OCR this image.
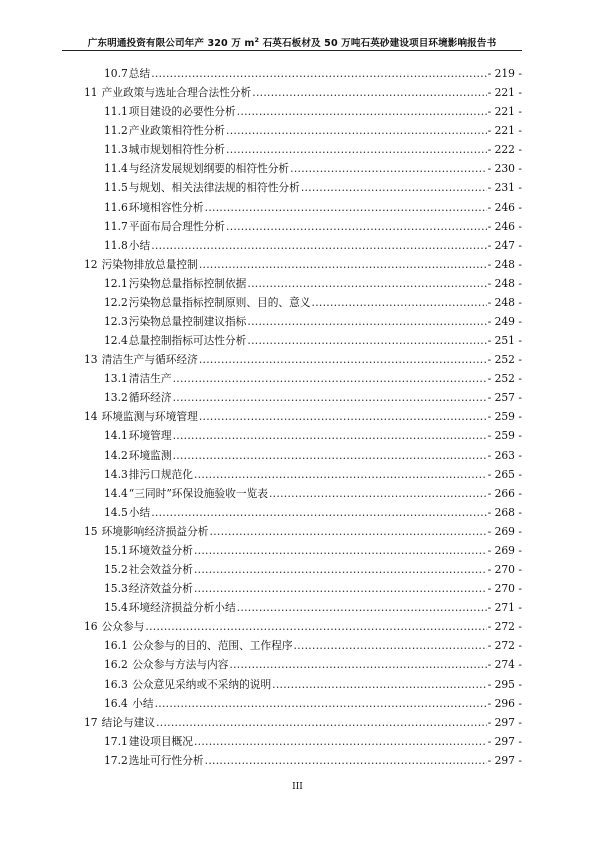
广东明通投资有限公司年产 320 万 $m^2$ 石英石板材及 50 万吨石英砂建设项目环境影响报告书
10.7 总结 .....	- 219 -
11 产业政策与选址合理合法性分析 .....	- 221 -
11.1 项目建设的必要性分析 .....	- 221 -
11.2 产业政策相符性分析 .....	- 221 -
11.3 城市规划相符性分析 .....	- 222 -
11.4 与经济发展规划纲要的相符性分析 .....	- 230 -
11.5 与规划、相关法律法规的相符性分析 .....	- 231 -
11.6 环境相容性分析 .....	- 246 -
11.7 平面布局合理性分析 .....	- 246 -
11.8 小结 .....	- 247 -
12 污染物排放总量控制 .....	- 248 -
12.1 污染物总量指标控制依据 .....	- 248 -
12.2 污染物总量指标控制原则、目的、意义 .....	- 248 -
12.3 污染物总量控制建议指标 .....	- 249 -
12.4 总量控制指标可达性分析 .....	- 251 -
13 清洁生产与循环经济 .....	- 252 -
13.1 清洁生产 .....	- 252 -
13.2 循环经济 .....	- 257 -
14 环境监测与环境管理 .....	- 259 -
14.1 环境管理 .....	- 259 -
14.2 环境监测 .....	- 263 -
14.3 排污口规范化 .....	- 265 -
14.4 “三同时”环保设施验收一览表 .....	- 266 -
14.5 小结 .....	- 268 -
15 环境影响经济损益分析 .....	- 269 -
15.1 环境效益分析 .....	- 269 -
15.2 社会效益分析 .....	- 270 -
15.3 经济效益分析 .....	- 270 -
15.4 环境经济损益分析小结 .....	- 271 -
16 公众参与 .....	- 272 -
16.1 公众参与的目的、范围、工作程序 .....	- 272 -
16.2 公众参与方法与内容 .....	- 274 -
16.3 公众意见采纳或不采纳的说明 .....	- 295 -
16.4 小结 .....	- 296 -
17 结论与建议 .....	- 297 -
17.1 建设项目概况 .....	- 297 -
17.2 选址可行性分析 .....	- 297 -
III
